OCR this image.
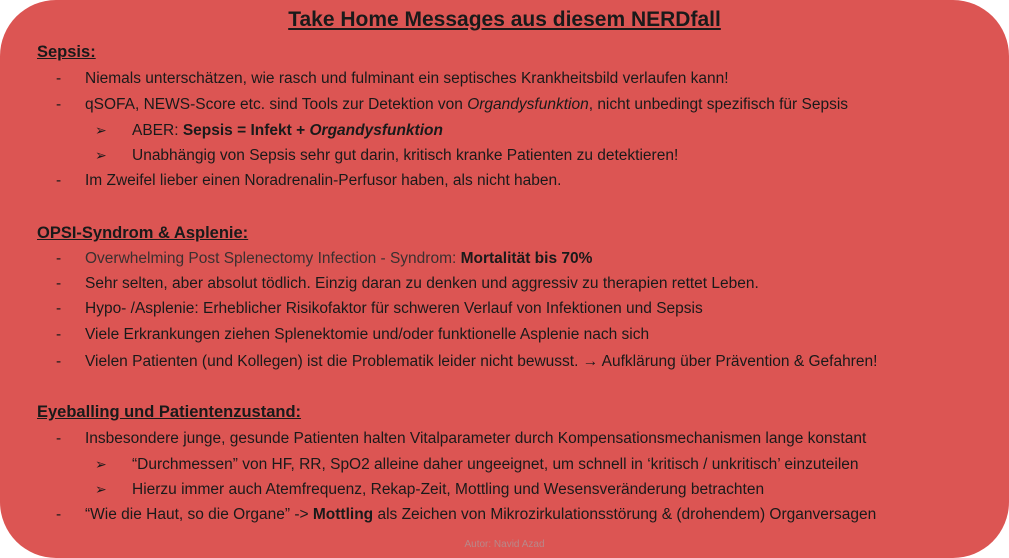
Take Home Messages aus diesem NERDfall
Sepsis:
- Niemals unterschätzen, wie rasch und fulminant ein septisches Krankheitsbild verlaufen kann!
- qSOFA, NEWS-Score etc. sind Tools zur Detektion von Organdysfunktion, nicht unbedingt spezifisch für Sepsis
➢ ABER: Sepsis = Infekt + Organdysfunktion
➢ Unabhängig von Sepsis sehr gut darin, kritisch kranke Patienten zu detektieren!
- Im Zweifel lieber einen Noradrenalin-Perfusor haben, als nicht haben.
OPSI-Syndrom & Asplenie:
- Overwhelming Post Splenectomy Infection - Syndrom: Mortalität bis 70%
- Sehr selten, aber absolut tödlich. Einzig daran zu denken und aggressiv zu therapien rettet Leben.
- Hypo- /Asplenie: Erheblicher Risikofaktor für schweren Verlauf von Infektionen und Sepsis
- Viele Erkrankungen ziehen Splenektomie und/oder funktionelle Asplenie nach sich
- Vielen Patienten (und Kollegen) ist die Problematik leider nicht bewusst. → Aufklärung über Prävention & Gefahren!
Eyeballing und Patientenzustand:
- Insbesondere junge, gesunde Patienten halten Vitalparameter durch Kompensationsmechanismen lange konstant
➢ “Durchmessen” von HF, RR, SpO2 alleine daher ungeeignet, um schnell in ‘kritisch / unkritisch’ einzuteilen
➢ Hierzu immer auch Atemfrequenz, Rekap-Zeit, Mottling und Wesensveränderung betrachten
- “Wie die Haut, so die Organe” -> Mottling als Zeichen von Mikrozirkulationsstörung & (drohendem) Organversagen
Autor: Navid Azad
